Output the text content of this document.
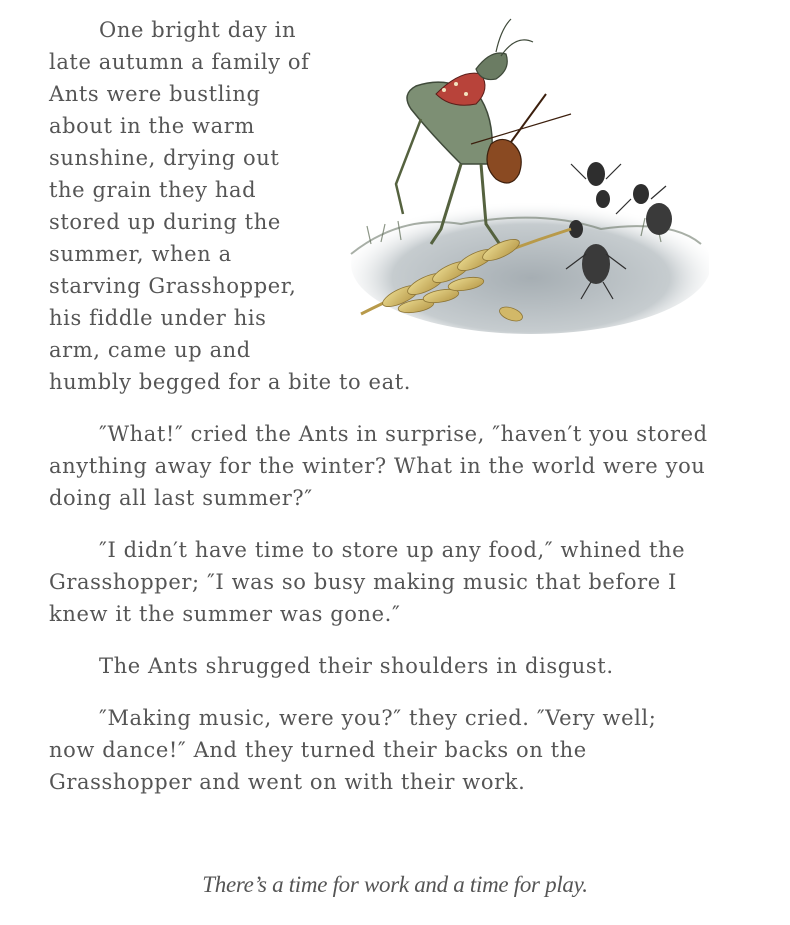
One bright day in late autumn a family of Ants were bustling about in the warm sunshine, drying out the grain they had stored up during the summer, when a starving Grasshopper, his fiddle under his arm, came up and humbly begged for a bite to eat.

″What!″ cried the Ants in surprise, ″haven′t you stored anything away for the winter? What in the world were you doing all last summer?″

″I didn′t have time to store up any food,″ whined the Grasshopper; ″I was so busy making music that before I knew it the summer was gone.″

The Ants shrugged their shoulders in disgust.

″Making music, were you?″ they cried. ″Very well; now dance!″ And they turned their backs on the Grasshopper and went on with their work.

There’s a time for work and a time for play.
